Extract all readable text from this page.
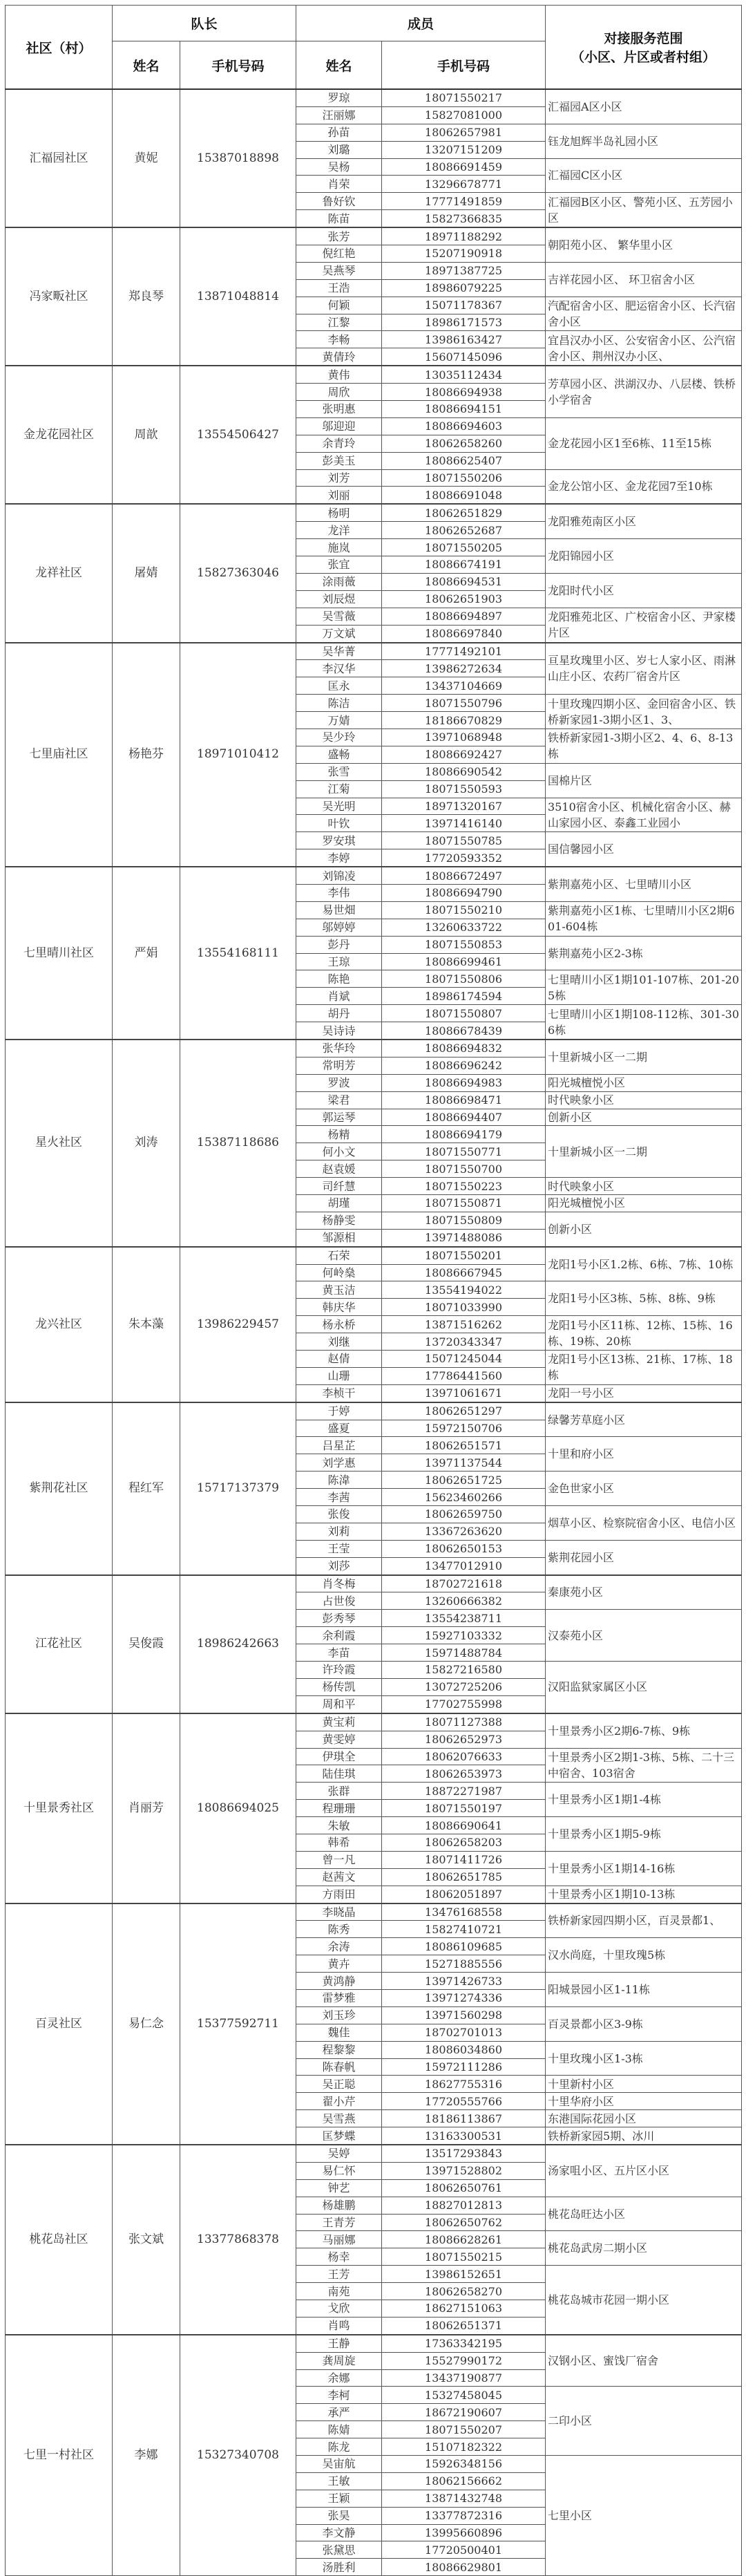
社区（村）	队长		成员		对接服务范围
（小区、片区或者村组）

	姓名	手机号码	姓名	手机号码	
汇福园社区	黄妮	15387018898	罗琼	18071550217	汇福园A区小区

			汪丽娜	15827081000	
			孙苗	18062657981	钰龙旭辉半岛礼园小区

			刘璐	13207151209	
			吴杨	18086691459	汇福园C区小区

			肖荣	13296678771	
			鲁好钦	17771491859	汇福园B区小区、警苑小区、五芳园小区

			陈苗	15827366835	
冯家畈社区	郑良琴	13871048814	张芳	18971188292	朝阳苑小区、 繁华里小区

			倪红艳	15207190918	
			吴燕琴	18971387725	吉祥花园小区、 环卫宿舍小区

			王浩	18986079225	
			何颖	15071178367	汽配宿舍小区、肥运宿舍小区、长汽宿舍小区

			江黎	18986171573	
			李畅	13986163427	宜昌汉办小区、公安宿舍小区、公汽宿舍小区、荆州汉办小区、

			黄倩玲	15607145096	
金龙花园社区	周歆	13554506427	黄伟	13035112434	芳草园小区、洪湖汉办、八层楼、铁桥小学宿舍

			周欣	18086694938	
			张明惠	18086694151	
			邬迎迎	18086694603	金龙花园小区1至6栋、11至15栋

			余青玲	18062658260	
			彭美玉	18086625407	
			刘芳	18071550206	金龙公馆小区、金龙花园7至10栋

			刘丽	18086691048	
龙祥社区	屠婧	15827363046	杨明	18062651829	龙阳雅苑南区小区

			龙洋	18062652687	
			施岚	18071550205	龙阳锦园小区

			张宜	18086674191	
			涂雨薇	18086694531	龙阳时代小区

			刘辰煜	18062651903	
			吴雪薇	18086694897	龙阳雅苑北区、广校宿舍小区、尹家楼片区

			万文斌	18086697840	
七里庙社区	杨艳芬	18971010412	吴华菁	17771492101	亘星玫瑰里小区、岁七人家小区、雨淋山庄小区、农药厂宿舍片区

			李汉华	13986272634	
			匡永	13437104669	
			陈洁	18071550796	十里玫瑰四期小区、金回宿舍小区、铁桥新家园1-3期小区1、3、

			万婧	18186670829	
			吴少玲	13971068948	铁桥新家园1-3期小区2、4、6、8-13栋

			盛畅	18086692427	
			张雪	18086690542	国棉片区

			江菊	18071550593	
			吴光明	18971320167	3510宿舍小区、机械化宿舍小区、赫山家园小区、泰鑫工业园小

			叶钦	13971416140	
			罗安琪	18071550785	国信馨园小区

			李婷	17720593352	
七里晴川社区	严娟	13554168111	刘锦凌	18086672497	紫荆嘉苑小区、七里晴川小区

			李伟	18086694790	
			易世畑	18071550210	紫荆嘉苑小区1栋、七里晴川小区2期601-604栋

			邬婷婷	13260633722	
			彭丹	18071550853	紫荆嘉苑小区2-3栋

			王琼	18086699461	
			陈艳	18071550806	七里晴川小区1期101-107栋、201-205栋

			肖斌	18986174594	
			胡丹	18071550807	七里晴川小区1期108-112栋、301-306栋

			吴诗诗	18086678439	
星火社区	刘涛	15387118686	张华玲	18086694832	十里新城小区一二期

			常明芳	18086696242	
			罗波	18086694983	阳光城檀悦小区

			梁君	18086698471	时代映象小区

			郭运琴	18086694407	创新小区

			杨精	18086694179	十里新城小区一二期

			何小文	18071550771	
			赵袁媛	18071550700	
			司纤慧	18071550223	时代映象小区

			胡瑾	18071550871	阳光城檀悦小区

			杨静雯	18071550809	创新小区

			邹源相	13971488086	
龙兴社区	朱本藻	13986229457	石荣	18071550201	龙阳1号小区1.2栋、6栋、7栋、10栋

			何岭燊	18086667945	
			黄玉洁	13554194022	龙阳1号小区3栋、5栋、8栋、9栋

			韩庆华	18071033990	
			杨永桥	13871516262	龙阳1号小区11栋、12栋、15栋、16栋、19栋、20栋

			刘继	13720343347	
			赵倩	15071245044	龙阳1号小区13栋、21栋、17栋、18栋

			山珊	17786441560	
			李桢干	13971061671	龙阳一号小区

紫荆花社区	程红军	15717137379	于婷	18062651297	绿馨芳草庭小区

			盛夏	15972150706	
			吕星芷	18062651571	十里和府小区

			刘学惠	13971137544	
			陈湋	18062651725	金色世家小区

			李茜	15623460266	
			张俊	18062659750	烟草小区、检察院宿舍小区、电信小区

			刘莉	13367263620	
			王莹	18062650153	紫荆花园小区

			刘莎	13477012910	
江花社区	吴俊霞	18986242663	肖冬梅	18702721618	秦康苑小区

			占世俊	13260666382	
			彭秀琴	13554238711	汉泰苑小区

			余利霞	15927103332	
			李苗	15971488784	
			许玲霞	15827216580	汉阳监狱家属区小区

			杨传凯	13072725206	
			周和平	17702755998	
十里景秀社区	肖丽芳	18086694025	黄宝莉	18071127388	十里景秀小区2期6-7栋、9栋

			黄雯婷	18062652973	
			伊琪全	18062076633	十里景秀小区2期1-3栋、5栋、二十三中宿舍、103宿舍

			陆佳琪	18062653973	
			张群	18872271987	十里景秀小区1期1-4栋

			程珊珊	18071550197	
			朱敏	18086690641	十里景秀小区1期5-9栋

			韩希	18062658203	
			曾一凡	18071411726	十里景秀小区1期14-16栋

			赵茜文	18062651785	
			方雨田	18062051897	十里景秀小区1期10-13栋

百灵社区	易仁念	15377592711	李晓晶	13476168558	铁桥新家园四期小区，百灵景都1、

			陈秀	15827410721	
			余涛	18086109685	汉水尚庭，十里玫瑰5栋

			黄卉	15271885556	
			黄鸿静	13971426733	阳城景园小区1-11栋

			雷梦雅	13971274336	
			刘玉珍	13971560298	百灵景都小区3-9栋

			魏佳	18702701013	
			程黎黎	18086034860	十里玫瑰小区1-3栋

			陈春帆	15972111286	
			吴正聪	18627755316	十里新村小区

			翟小芹	17720555766	十里华府小区

			吴雪燕	18186113867	东港国际花园小区

			匡梦蝶	13163300531	铁桥新家园5期、冰川

桃花岛社区	张文斌	13377868378	吴婷	13517293843	汤家咀小区、五片区小区

			易仁怀	13971528802	
			钟艺	18062650761	
			杨雄鹏	18827012813	桃花岛旺达小区

			王青芳	18062650762	
			马丽娜	18086628261	桃花岛武房二期小区

			杨幸	18071550215	
			王芳	13986152651	桃花岛城市花园一期小区

			南苑	18062658270	
			戈欣	18627151063	
			肖鸣	18062651371	
七里一村社区	李娜	15327340708	王静	17363342195	汉钢小区、蜜饯厂宿舍

			龚周旋	15527990172	
			余娜	13437190877	
			李柯	15327458045	二印小区

			承严	18672190607	
			陈婧	18071550207	
			陈龙	15107182322	
			吴宙航	15926348156	七里小区

			王敏	18062156662	
			王颖	13871432748	
			张昊	13377872316	
			李文静	13995660896	
			张黛思	17720500401	
			汤胜利	18086629801	
